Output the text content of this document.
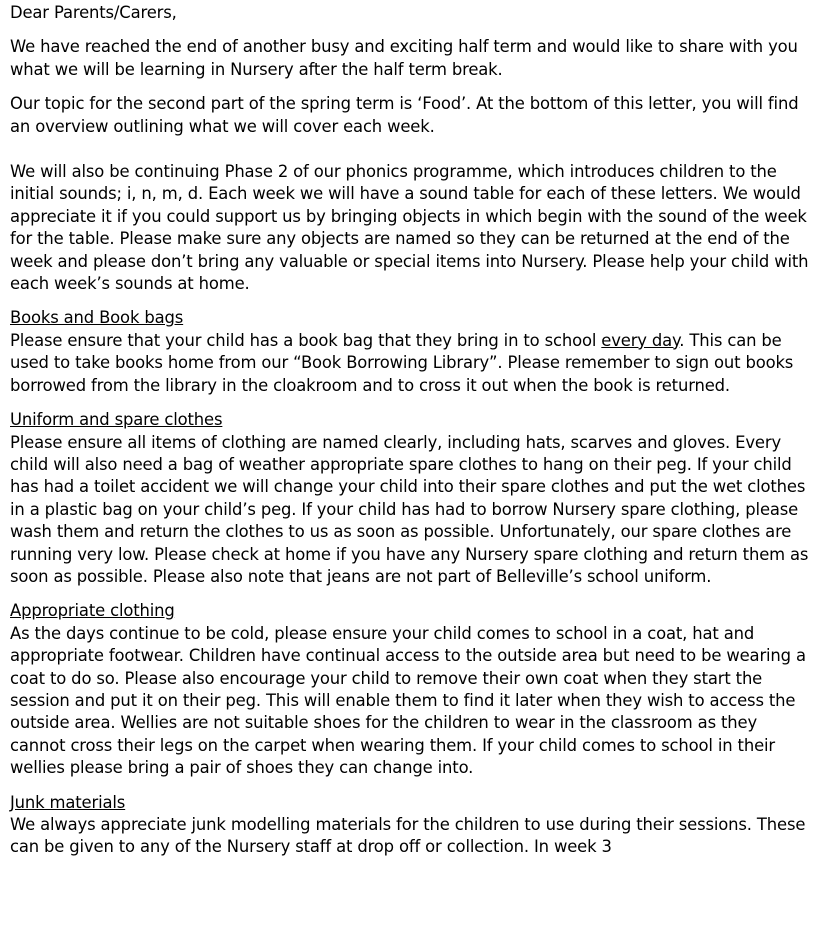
Dear Parents/Carers,

We have reached the end of another busy and exciting half term and would like to share with you what we will be learning in Nursery after the half term break.

Our topic for the second part of the spring term is ‘Food’. At the bottom of this letter, you will find an overview outlining what we will cover each week.

We will also be continuing Phase 2 of our phonics programme, which introduces children to the initial sounds; i, n, m, d. Each week we will have a sound table for each of these letters. We would appreciate it if you could support us by bringing objects in which begin with the sound of the week for the table. Please make sure any objects are named so they can be returned at the end of the week and please don’t bring any valuable or special items into Nursery. Please help your child with each week’s sounds at home.

Books and Book bags

Please ensure that your child has a book bag that they bring in to school every day. This can be used to take books home from our “Book Borrowing Library”. Please remember to sign out books borrowed from the library in the cloakroom and to cross it out when the book is returned.

Uniform and spare clothes

Please ensure all items of clothing are named clearly, including hats, scarves and gloves. Every child will also need a bag of weather appropriate spare clothes to hang on their peg. If your child has had a toilet accident we will change your child into their spare clothes and put the wet clothes in a plastic bag on your child’s peg. If your child has had to borrow Nursery spare clothing, please wash them and return the clothes to us as soon as possible. Unfortunately, our spare clothes are running very low. Please check at home if you have any Nursery spare clothing and return them as soon as possible. Please also note that jeans are not part of Belleville’s school uniform.

Appropriate clothing

As the days continue to be cold, please ensure your child comes to school in a coat, hat and appropriate footwear. Children have continual access to the outside area but need to be wearing a coat to do so. Please also encourage your child to remove their own coat when they start the session and put it on their peg. This will enable them to find it later when they wish to access the outside area. Wellies are not suitable shoes for the children to wear in the classroom as they cannot cross their legs on the carpet when wearing them. If your child comes to school in their wellies please bring a pair of shoes they can change into.

Junk materials

We always appreciate junk modelling materials for the children to use during their sessions. These can be given to any of the Nursery staff at drop off or collection. In week 3
